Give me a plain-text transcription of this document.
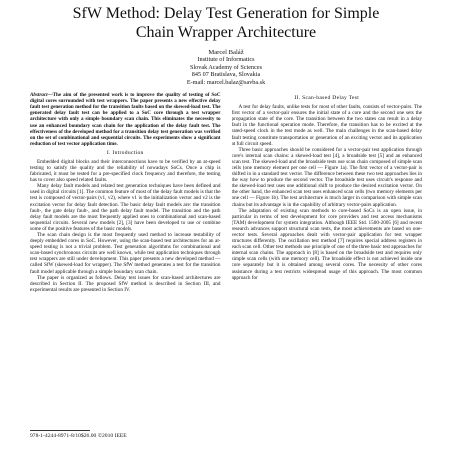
SfW Method: Delay Test Generation for Simple
Chain Wrapper Architecture
Marcel Baláž
Institute of Informatics
Slovak Academy of Sciences
845 07 Bratislava, Slovakia
E-mail: marcel.balaz@savba.sk

Abstract—The aim of the presented work is to improve the quality of testing of SoC digital cores surrounded with test wrappers. The paper presents a new effective delay fault test generation method for the transition faults based on the skewed-load test. The generated delay fault test can be applied to a SoC core through a test wrapper architecture with only a simple boundary scan chain. This eliminates the necessity to use an enhanced boundary scan chain for the application of the delay fault test. The effectiveness of the developed method for a transition delay test generation was verified on the set of combinational and sequential circuits. The experiments show a significant reduction of test vector application time.

I. Introduction

Embedded digital blocks and their interconnections have to be verified by an at-speed testing to satisfy the quality and the reliability of nowadays SoCs. Once a chip is fabricated, it must be tested for a pre-specified clock frequency and therefore, the testing has to cover also speed related faults.

Many delay fault models and related test generation techniques have been defined and used in digital circuits [1]. The common feature of most of the delay fault models is that the test is composed of vector-pairs (v1, v2), where v1 is the initialization vector and v2 is the excitation vector for delay fault detection. The basic delay fault models are: the transition fault-, the gate delay fault-, and the path delay fault model. The transition and the path delay fault models are the most frequently applied ones to combinational and scan-based sequential circuits. Several new models [2], [3] have been developed to use or combine some of the positive features of the basic models.

The scan chain design is the most frequently used method to increase testability of deeply embedded cores in SoC. However, using the scan-based test architectures for an at-speed testing is not a trivial problem. Test generation algorithms for combinational and scan-based synchronous circuits are well known, while test application techniques through test wrappers are still under development. This paper presents a new developed method — called SfW (skewed-load for wrapper). The SfW method generates a test for the transition fault model applicable through a simple boundary scan chain.

The paper is organized as follows. Delay test issues for scan-based architectures are described in Section II. The proposed SfW method is described in Section III, and experimental results are presented in Section IV.

II. Scan-based Delay Test

A test for delay faults, unlike tests for most of other faults, consists of vector-pairs. The first vector of a vector-pair ensures the initial state of a core and the second one sets the propagation state of the core. The transition between the two states can result in a delay fault in the functional operation mode. Therefore, the transition has to be excited at the rated-speed clock in the test mode as well. The main challenges in the scan-based delay fault testing constitute transportation or generation of an exciting vector and its application at full circuit speed.

Three basic approaches should be considered for a vector-pair test application through core's internal scan chains: a skewed-load test [4], a broadside test [5] and an enhanced scan test. The skewed-load and the broadside tests use scan chain composed of simple scan cells (one memory element per one cell — Figure 1a). The first vector of a vector-pair is shifted in in a standard test vector. The difference between these two test approaches lies in the way how to produce the second vector. The broadside test uses circuit's response and the skewed-load test uses one additional shift to produce the desired excitation vector. On the other hand, the enhanced scan test uses enhanced scan cells (two memory elements per one cell — Figure 1b). The test architecture is much larger in comparison with simple scan chains but its advantage is in the capability of arbitrary vector-pairs application.

The adaptation of existing scan methods to core-based SoCs is an open issue, in particular in terms of test development for core providers and test access mechanisms (TAM) development for system integration. Although IEEE Std. 1500-2005 [6] and recent research advances support structural scan tests, the most achievements are based on one-vector tests. Several approaches dealt with vector-pair application for test wrapper structures differently. The oscillation test method [7] requires special address registers in each scan cell. Other test methods use principle of one of the three basic test approaches for internal scan chains. The approach in [8] is based on the broadside test and requires only simple scan cells (with one memory cell). The broadside effect is not achieved inside one core separately but it is obtained among several cores. The necessity of other cores assistance during a test restricts widespread usage of this approach. The most common approach for

978-1-4244-8971-8/10$26.00 ©2010 IEEE
